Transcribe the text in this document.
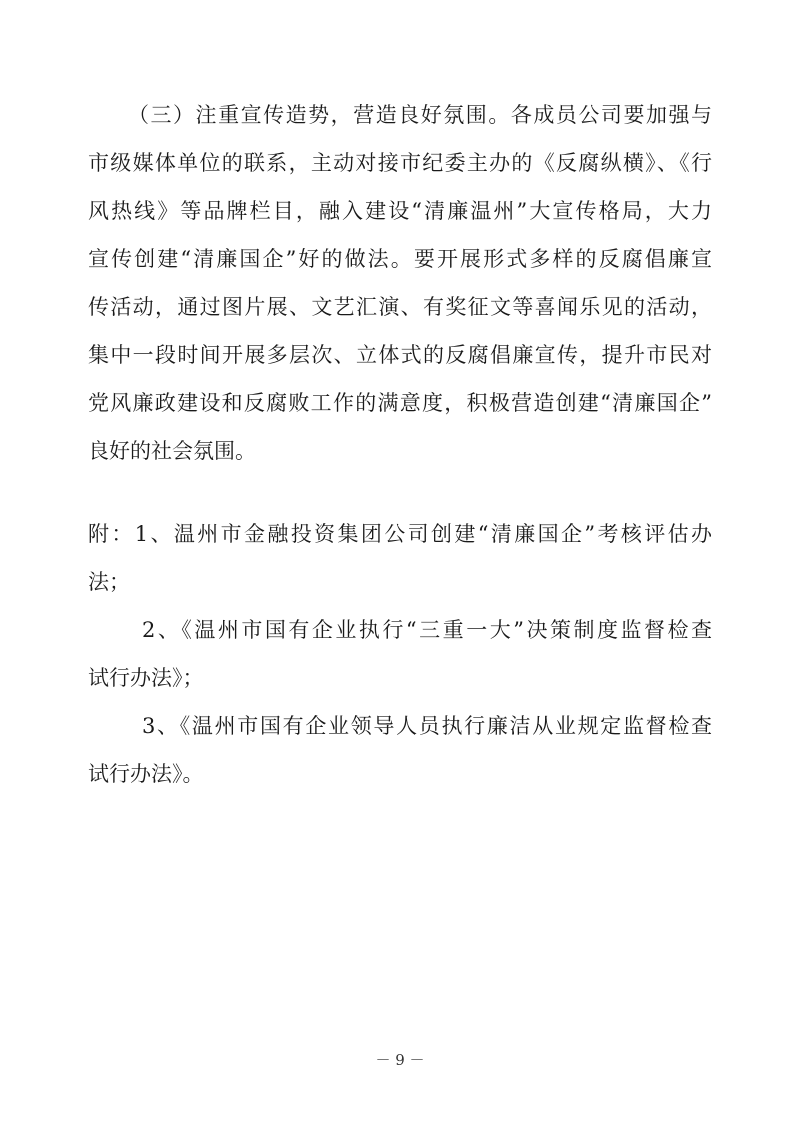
（三）注重宣传造势，营造良好氛围。各成员公司要加强与
市级媒体单位的联系，主动对接市纪委主办的《反腐纵横》、《行
风热线》等品牌栏目，融入建设“清廉温州”大宣传格局，大力
宣传创建“清廉国企”好的做法。要开展形式多样的反腐倡廉宣
传活动，通过图片展、文艺汇演、有奖征文等喜闻乐见的活动，
集中一段时间开展多层次、立体式的反腐倡廉宣传，提升市民对
党风廉政建设和反腐败工作的满意度，积极营造创建“清廉国企”
良好的社会氛围。
附：1、温州市金融投资集团公司创建“清廉国企”考核评估办
法；
2、《温州市国有企业执行“三重一大”决策制度监督检查
试行办法》；
3、《温州市国有企业领导人员执行廉洁从业规定监督检查
试行办法》。
－ 9 －
